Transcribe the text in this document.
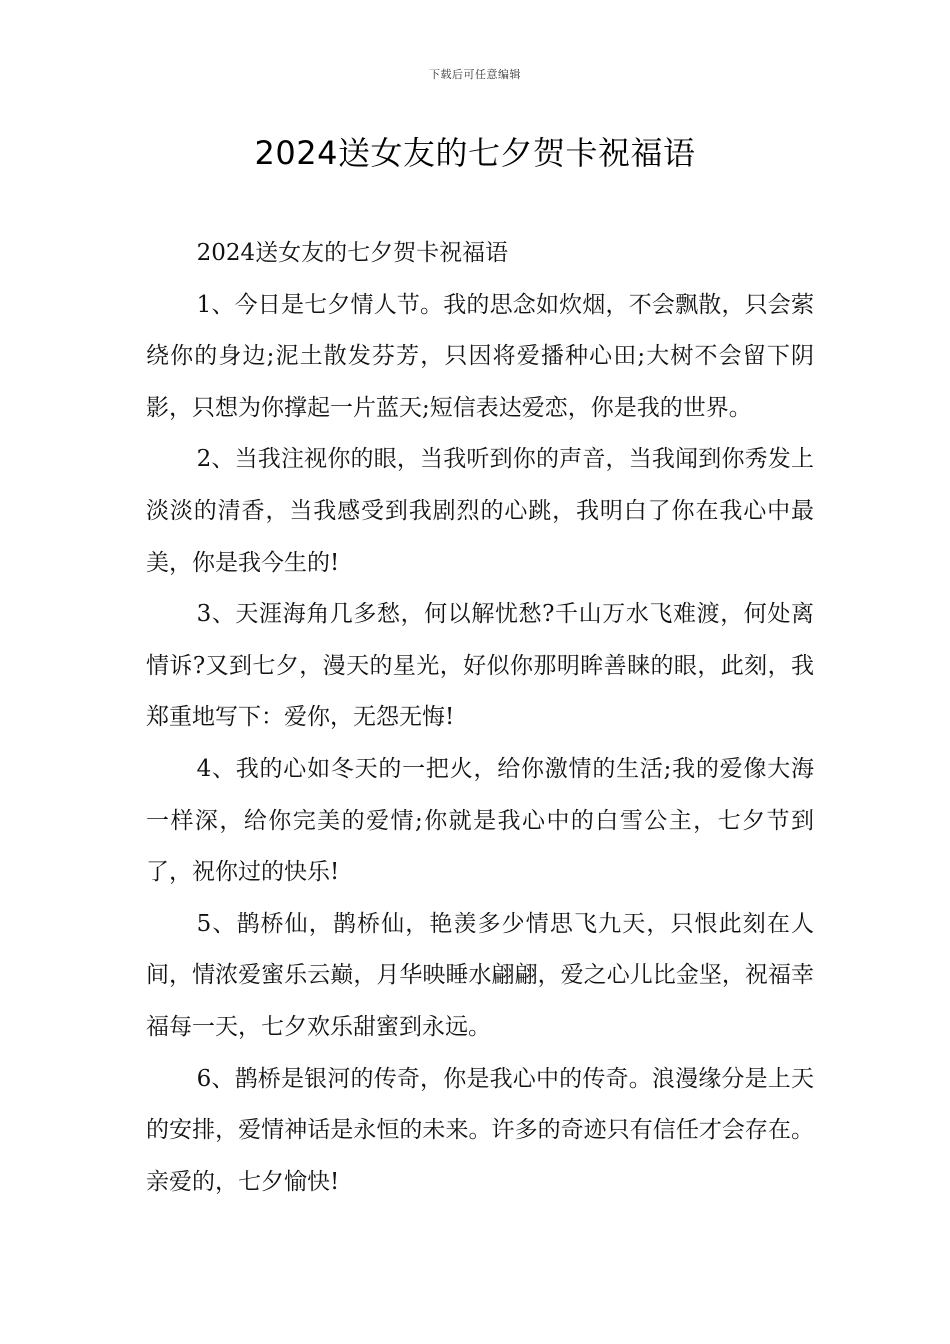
下载后可任意编辑
2024送女友的七夕贺卡祝福语

2024送女友的七夕贺卡祝福语

1、今日是七夕情人节。我的思念如炊烟，不会飘散，只会萦绕你的身边;泥土散发芬芳，只因将爱播种心田;大树不会留下阴影，只想为你撑起一片蓝天;短信表达爱恋，你是我的世界。

2、当我注视你的眼，当我听到你的声音，当我闻到你秀发上淡淡的清香，当我感受到我剧烈的心跳，我明白了你在我心中最美，你是我今生的!

3、天涯海角几多愁，何以解忧愁?千山万水飞难渡，何处离情诉?又到七夕，漫天的星光，好似你那明眸善睐的眼，此刻，我郑重地写下：爱你，无怨无悔!

4、我的心如冬天的一把火，给你激情的生活;我的爱像大海一样深，给你完美的爱情;你就是我心中的白雪公主，七夕节到了，祝你过的快乐!

5、鹊桥仙，鹊桥仙，艳羡多少情思飞九天，只恨此刻在人间，情浓爱蜜乐云巅，月华映睡水翩翩，爱之心儿比金坚，祝福幸福每一天，七夕欢乐甜蜜到永远。

6、鹊桥是银河的传奇，你是我心中的传奇。浪漫缘分是上天的安排，爱情神话是永恒的未来。许多的奇迹只有信任才会存在。亲爱的，七夕愉快!
